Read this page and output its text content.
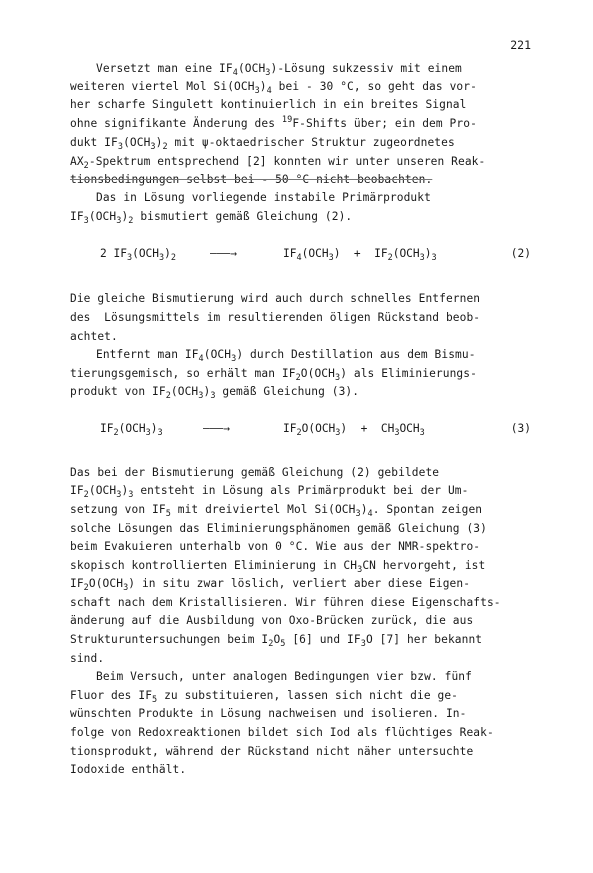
221
Versetzt man eine $IF_4(OCH_3)$-Lösung sukzessiv mit einem
weiteren viertel Mol $Si(OCH_3)_4$ bei - 30 °C, so geht das vor-
her scharfe Singulett kontinuierlich in ein breites Signal
ohne signifikante Änderung des $^{19}$F-Shifts über; ein dem Pro-
dukt $IF_3(OCH_3)_2$ mit ψ-oktaedrischer Struktur zugeordnetes
$AX_2$-Spektrum entsprechend [2] konnten wir unter unseren Reak-
tionsbedingungen selbst bei - 50 °C nicht beobachten.
Das in Lösung vorliegende instabile Primärprodukt
$IF_3(OCH_3)_2$ bismutiert gemäß Gleichung (2).
Die gleiche Bismutierung wird auch durch schnelles Entfernen
des  Lösungsmittels im resultierenden öligen Rückstand beob-
achtet.
Entfernt man $IF_4(OCH_3)$ durch Destillation aus dem Bismu-
tierungsgemisch, so erhält man $IF_2O(OCH_3)$ als Eliminierungs-
produkt von $IF_2(OCH_3)_3$ gemäß Gleichung (3).
Das bei der Bismutierung gemäß Gleichung (2) gebildete
$IF_2(OCH_3)_3$ entsteht in Lösung als Primärprodukt bei der Um-
setzung von $IF_5$ mit dreiviertel Mol $Si(OCH_3)_4$. Spontan zeigen
solche Lösungen das Eliminierungsphänomen gemäß Gleichung (3)
beim Evakuieren unterhalb von 0 °C. Wie aus der NMR-spektro-
skopisch kontrollierten Eliminierung in $CH_3CN$ hervorgeht, ist
$IF_2O(OCH_3)$ in situ zwar löslich, verliert aber diese Eigen-
schaft nach dem Kristallisieren. Wir führen diese Eigenschafts-
änderung auf die Ausbildung von Oxo-Brücken zurück, die aus
Strukturuntersuchungen beim $I_2O_5$ [6] und $IF_3O$ [7] her bekannt
sind.
Beim Versuch, unter analogen Bedingungen vier bzw. fünf
Fluor des $IF_5$ zu substituieren, lassen sich nicht die ge-
wünschten Produkte in Lösung nachweisen und isolieren. In-
folge von Redoxreaktionen bildet sich Iod als flüchtiges Reak-
tionsprodukt, während der Rückstand nicht näher untersuchte
Iodoxide enthält.
2 $IF_3(OCH_3)_2$	———→	$IF_4(OCH_3) + IF_2(OCH_3)_3$	(2)
$IF_2(OCH_3)_3$	———→	$IF_2O(OCH_3) + CH_3OCH_3$	(3)
